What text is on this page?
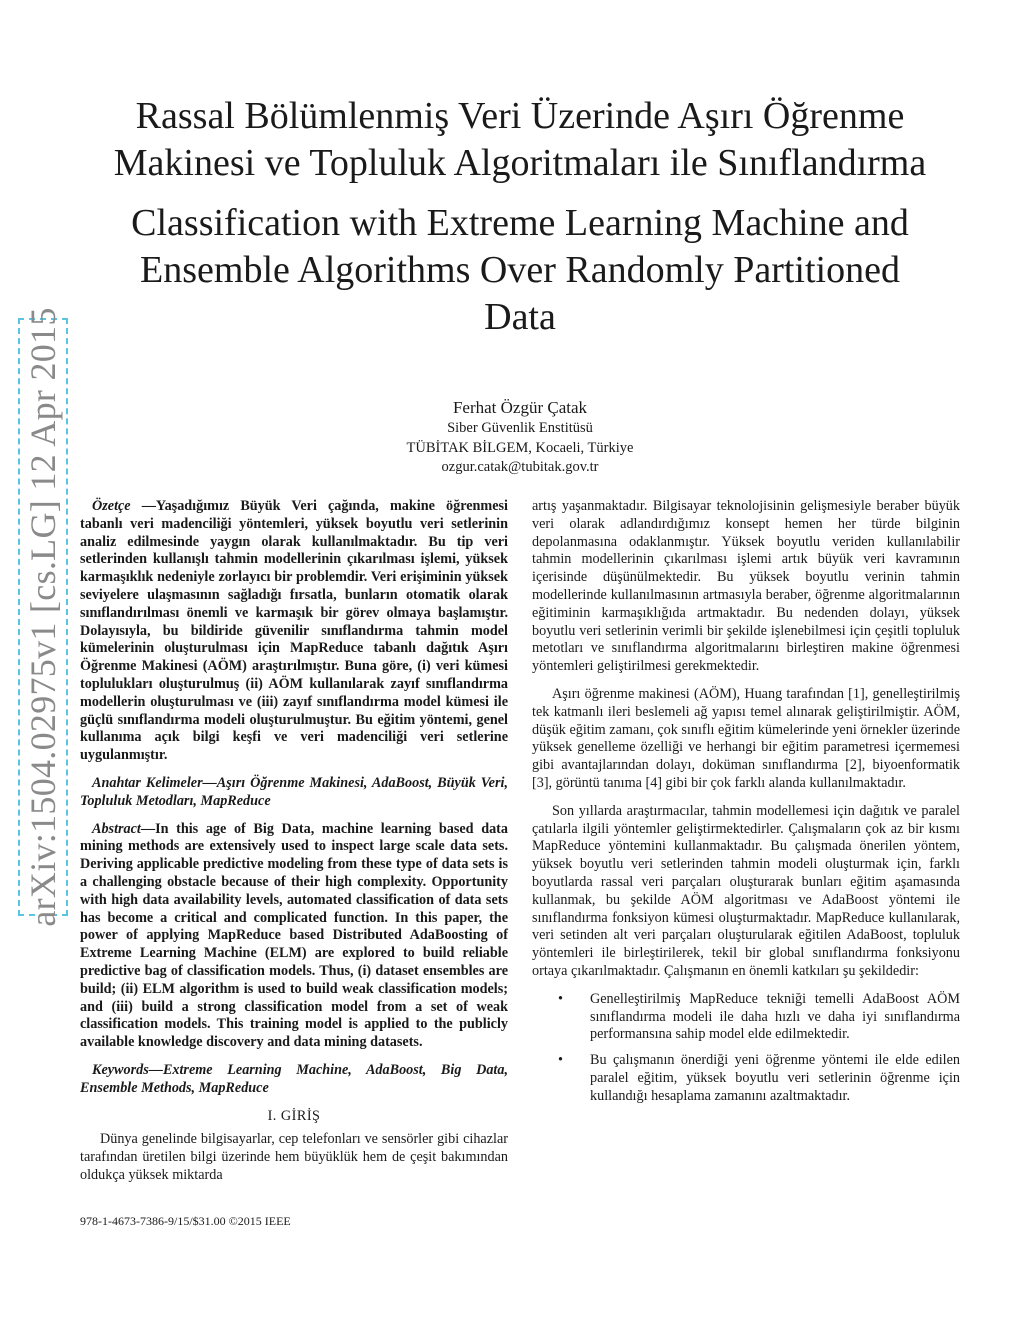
arXiv:1504.02975v1 [cs.LG] 12 Apr 2015
Rassal Bölümlenmiş Veri Üzerinde Aşırı Öğrenme
Makinesi ve Topluluk Algoritmaları ile Sınıflandırma
Classification with Extreme Learning Machine and
Ensemble Algorithms Over Randomly Partitioned
Data
Ferhat Özgür Çatak
Siber Güvenlik Enstitüsü
TÜBİTAK BİLGEM, Kocaeli, Türkiye
ozgur.catak@tubitak.gov.tr

Özetçe —Yaşadığımız Büyük Veri çağında, makine öğrenmesi tabanlı veri madenciliği yöntemleri, yüksek boyutlu veri setlerinin analiz edilmesinde yaygın olarak kullanılmaktadır. Bu tip veri setlerinden kullanışlı tahmin modellerinin çıkarılması işlemi, yüksek karmaşıklık nedeniyle zorlayıcı bir problemdir. Veri erişiminin yüksek seviyelere ulaşmasının sağladığı fırsatla, bunların otomatik olarak sınıflandırılması önemli ve karmaşık bir görev olmaya başlamıştır. Dolayısıyla, bu bildiride güvenilir sınıflandırma tahmin model kümelerinin oluşturulması için MapReduce tabanlı dağıtık Aşırı Öğrenme Makinesi (AÖM) araştırılmıştır. Buna göre, (i) veri kümesi toplulukları oluşturulmuş (ii) AÖM kullanılarak zayıf sınıflandırma modellerin oluşturulması ve (iii) zayıf sınıflandırma model kümesi ile güçlü sınıflandırma modeli oluşturulmuştur. Bu eğitim yöntemi, genel kullanıma açık bilgi keşfi ve veri madenciliği veri setlerine uygulanmıştır.

Anahtar Kelimeler—Aşırı Öğrenme Makinesi, AdaBoost, Büyük Veri, Topluluk Metodları, MapReduce

Abstract—In this age of Big Data, machine learning based data mining methods are extensively used to inspect large scale data sets. Deriving applicable predictive modeling from these type of data sets is a challenging obstacle because of their high complexity. Opportunity with high data availability levels, automated classification of data sets has become a critical and complicated function. In this paper, the power of applying MapReduce based Distributed AdaBoosting of Extreme Learning Machine (ELM) are explored to build reliable predictive bag of classification models. Thus, (i) dataset ensembles are build; (ii) ELM algorithm is used to build weak classification models; and (iii) build a strong classification model from a set of weak classification models. This training model is applied to the publicly available knowledge discovery and data mining datasets.

Keywords—Extreme Learning Machine, AdaBoost, Big Data, Ensemble Methods, MapReduce

I. GİRİŞ

Dünya genelinde bilgisayarlar, cep telefonları ve sensörler gibi cihazlar tarafından üretilen bilgi üzerinde hem büyüklük hem de çeşit bakımından oldukça yüksek miktarda

artış yaşanmaktadır. Bilgisayar teknolojisinin gelişmesiyle beraber büyük veri olarak adlandırdığımız konsept hemen her türde bilginin depolanmasına odaklanmıştır. Yüksek boyutlu veriden kullanılabilir tahmin modellerinin çıkarılması işlemi artık büyük veri kavramının içerisinde düşünülmektedir. Bu yüksek boyutlu verinin tahmin modellerinde kullanılmasının artmasıyla beraber, öğrenme algoritmalarının eğitiminin karmaşıklığıda artmaktadır. Bu nedenden dolayı, yüksek boyutlu veri setlerinin verimli bir şekilde işlenebilmesi için çeşitli topluluk metotları ve sınıflandırma algoritmalarını birleştiren makine öğrenmesi yöntemleri geliştirilmesi gerekmektedir.

Aşırı öğrenme makinesi (AÖM), Huang tarafından [1], genelleştirilmiş tek katmanlı ileri beslemeli ağ yapısı temel alınarak geliştirilmiştir. AÖM, düşük eğitim zamanı, çok sınıflı eğitim kümelerinde yeni örnekler üzerinde yüksek genelleme özelliği ve herhangi bir eğitim parametresi içermemesi gibi avantajlarından dolayı, doküman sınıflandırma [2], biyoenformatik [3], görüntü tanıma [4] gibi bir çok farklı alanda kullanılmaktadır.

Son yıllarda araştırmacılar, tahmin modellemesi için dağıtık ve paralel çatılarla ilgili yöntemler geliştirmektedirler. Çalışmaların çok az bir kısmı MapReduce yöntemini kullanmaktadır. Bu çalışmada önerilen yöntem, yüksek boyutlu veri setlerinden tahmin modeli oluşturmak için, farklı boyutlarda rassal veri parçaları oluşturarak bunları eğitim aşamasında kullanmak, bu şekilde AÖM algoritması ve AdaBoost yöntemi ile sınıflandırma fonksiyon kümesi oluşturmaktadır. MapReduce kullanılarak, veri setinden alt veri parçaları oluşturularak eğitilen AdaBoost, topluluk yöntemleri ile birleştirilerek, tekil bir global sınıflandırma fonksiyonu ortaya çıkarılmaktadır. Çalışmanın en önemli katkıları şu şekildedir:

• Genelleştirilmiş MapReduce tekniği temelli AdaBoost AÖM sınıflandırma modeli ile daha hızlı ve daha iyi sınıflandırma performansına sahip model elde edilmektedir.
• Bu çalışmanın önerdiği yeni öğrenme yöntemi ile elde edilen paralel eğitim, yüksek boyutlu veri setlerinin öğrenme için kullandığı hesaplama zamanını azaltmaktadır.
978-1-4673-7386-9/15/$31.00 ©2015 IEEE
